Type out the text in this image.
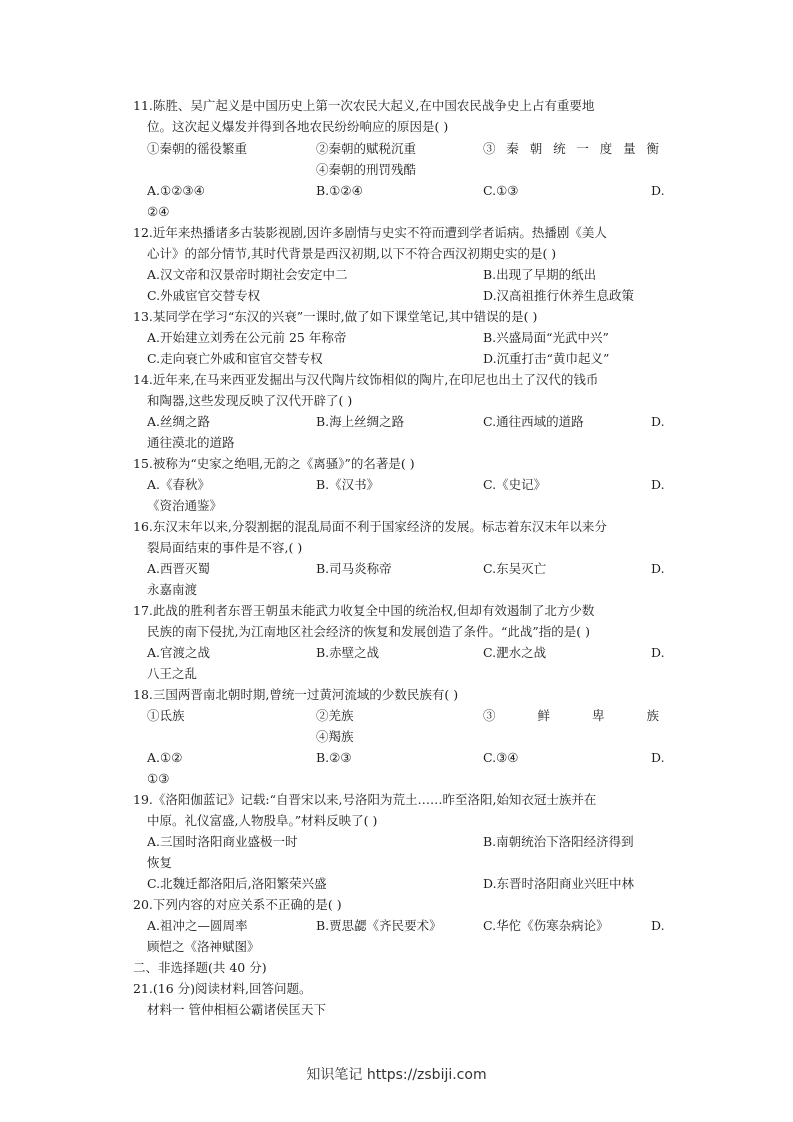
11.陈胜、吴广起义是中国历史上第一次农民大起义,在中国农民战争史上占有重要地
位。这次起义爆发并得到各地农民纷纷响应的原因是( )
①秦朝的徭役繁重	②秦朝的赋税沉重	③ 秦 朝 统 一 度 量 衡
④秦朝的刑罚残酷
A.①②③④	B.①②④	C.①③	D.
②④
12.近年来热播诸多古装影视剧,因许多剧情与史实不符而遭到学者诟病。热播剧《美人
心计》的部分情节,其时代背景是西汉初期,以下不符合西汉初期史实的是( )
A.汉文帝和汉景帝时期社会安定中二	B.出现了早期的纸出
C.外戚宦官交替专权	D.汉高祖推行休养生息政策
13.某同学在学习“东汉的兴衰”一课时,做了如下课堂笔记,其中错误的是( )
A.开始建立刘秀在公元前 25 年称帝	B.兴盛局面“光武中兴”
C.走向衰亡外戚和宦官交替专权	D.沉重打击“黄巾起义”
14.近年来,在马来西亚发掘出与汉代陶片纹饰相似的陶片,在印尼也出土了汉代的钱币
和陶器,这些发现反映了汉代开辟了( )
A.丝绸之路	B.海上丝绸之路	C.通往西域的道路	D.
通往漠北的道路
15.被称为“史家之绝唱,无韵之《离骚》”的名著是( )
A.《春秋》	B.《汉书》	C.《史记》	D.
《资治通鉴》
16.东汉末年以来,分裂割据的混乱局面不利于国家经济的发展。标志着东汉末年以来分
裂局面结束的事件是不容,( )
A.西晋灭蜀	B.司马炎称帝	C.东吴灭亡	D.
永嘉南渡
17.此战的胜利者东晋王朝虽未能武力收复全中国的统治权,但却有效遏制了北方少数
民族的南下侵扰,为江南地区社会经济的恢复和发展创造了条件。“此战”指的是( )
A.官渡之战	B.赤壁之战	C.淝水之战	D.
八王之乱
18.三国两晋南北朝时期,曾统一过黄河流域的少数民族有( )
①氐族	②羌族	③ 鲜 卑 族
④羯族
A.①②	B.②③	C.③④	D.
①③
19.《洛阳伽蓝记》记载:“自晋宋以来,号洛阳为荒土……昨至洛阳,始知衣冠士族并在
中原。礼仪富盛,人物殷阜。”材料反映了( )
A.三国时洛阳商业盛极一时	B.南朝统治下洛阳经济得到
恢复
C.北魏迁都洛阳后,洛阳繁荣兴盛	D.东晋时洛阳商业兴旺中林
20.下列内容的对应关系不正确的是( )
A.祖冲之—圆周率	B.贾思勰《齐民要术》	C.华佗《伤寒杂病论》	D.
顾恺之《洛神赋图》
二、非选择题(共 40 分)
21.(16 分)阅读材料,回答问题。
材料一 管仲相桓公霸诸侯匡天下
知识笔记 https://zsbiji.com
